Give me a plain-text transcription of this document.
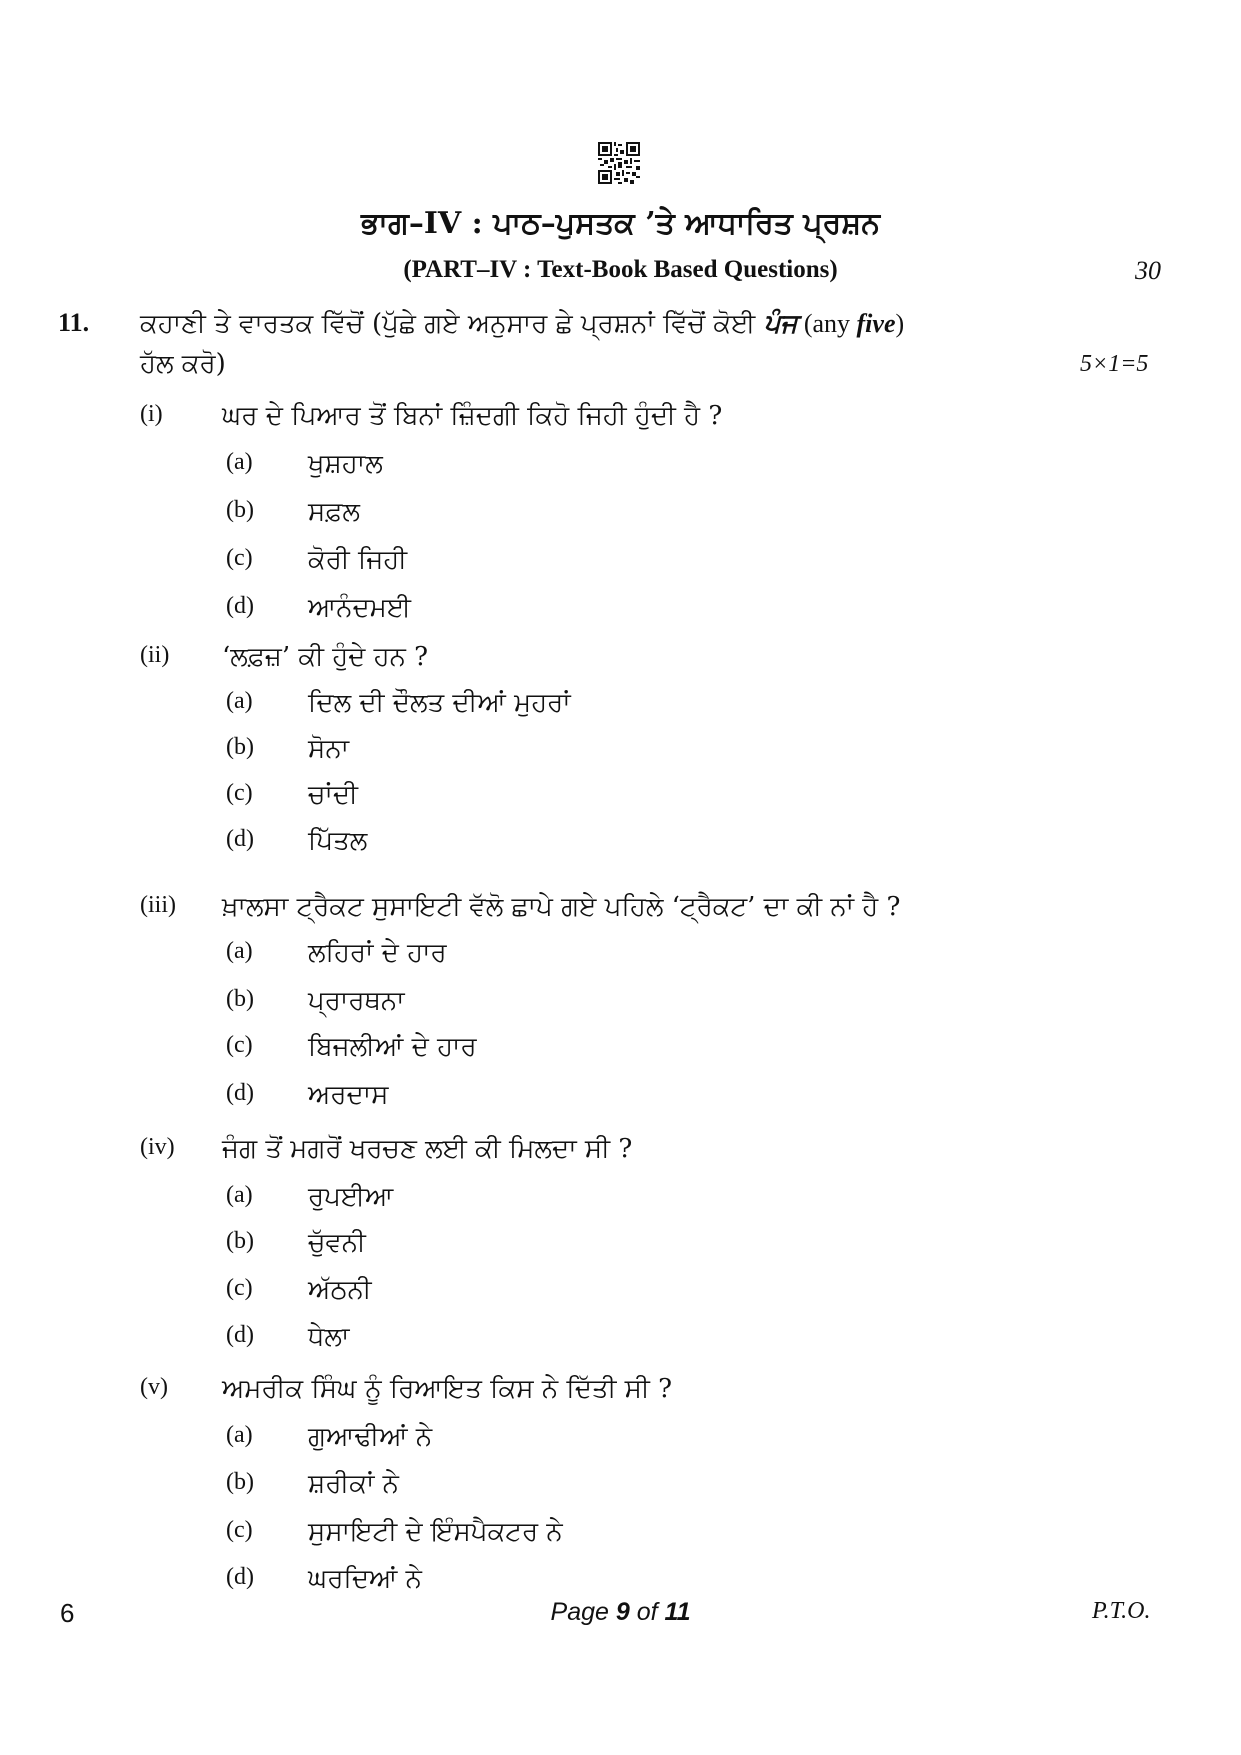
ਭਾਗ–IV : ਪਾਠ–ਪੁਸਤਕ ’ਤੇ ਆਧਾਰਿਤ ਪ੍ਰਸ਼ਨ
(PART–IV : Text-Book Based Questions)	30
11. ਕਹਾਣੀ ਤੇ ਵਾਰਤਕ ਵਿੱਚੋਂ (ਪੁੱਛੇ ਗਏ ਅਨੁਸਾਰ ਛੇ ਪ੍ਰਸ਼ਨਾਂ ਵਿੱਚੋਂ ਕੋਈ ਪੰਜ (any five)
ਹੱਲ ਕਰੋ)	5×1=5
(i) ਘਰ ਦੇ ਪਿਆਰ ਤੋਂ ਬਿਨਾਂ ਜ਼ਿੰਦਗੀ ਕਿਹੋ ਜਿਹੀ ਹੁੰਦੀ ਹੈ ?
(a) ਖੁਸ਼ਹਾਲ
(b) ਸਫ਼ਲ
(c) ਕੋਰੀ ਜਿਹੀ
(d) ਆਨੰਦਮਈ
(ii) ‘ਲਫ਼ਜ਼’ ਕੀ ਹੁੰਦੇ ਹਨ ?
(a) ਦਿਲ ਦੀ ਦੌਲਤ ਦੀਆਂ ਮੁਹਰਾਂ
(b) ਸੋਨਾ
(c) ਚਾਂਦੀ
(d) ਪਿੱਤਲ
(iii) ਖ਼ਾਲਸਾ ਟ੍ਰੈਕਟ ਸੁਸਾਇਟੀ ਵੱਲੋ ਛਾਪੇ ਗਏ ਪਹਿਲੇ ‘ਟ੍ਰੈਕਟ’ ਦਾ ਕੀ ਨਾਂ ਹੈ ?
(a) ਲਹਿਰਾਂ ਦੇ ਹਾਰ
(b) ਪ੍ਰਾਰਥਨਾ
(c) ਬਿਜਲੀਆਂ ਦੇ ਹਾਰ
(d) ਅਰਦਾਸ
(iv) ਜੰਗ ਤੋਂ ਮਗਰੋਂ ਖਰਚਣ ਲਈ ਕੀ ਮਿਲਦਾ ਸੀ ?
(a) ਰੁਪਈਆ
(b) ਚੁੱਵਨੀ
(c) ਅੱਠਨੀ
(d) ਧੇਲਾ
(v) ਅਮਰੀਕ ਸਿੰਘ ਨੂੰ ਰਿਆਇਤ ਕਿਸ ਨੇ ਦਿੱਤੀ ਸੀ ?
(a) ਗੁਆਢੀਆਂ ਨੇ
(b) ਸ਼ਰੀਕਾਂ ਨੇ
(c) ਸੁਸਾਇਟੀ ਦੇ ਇੰਸਪੈਕਟਰ ਨੇ
(d) ਘਰਦਿਆਂ ਨੇ
6	Page 9 of 11	P.T.O.
